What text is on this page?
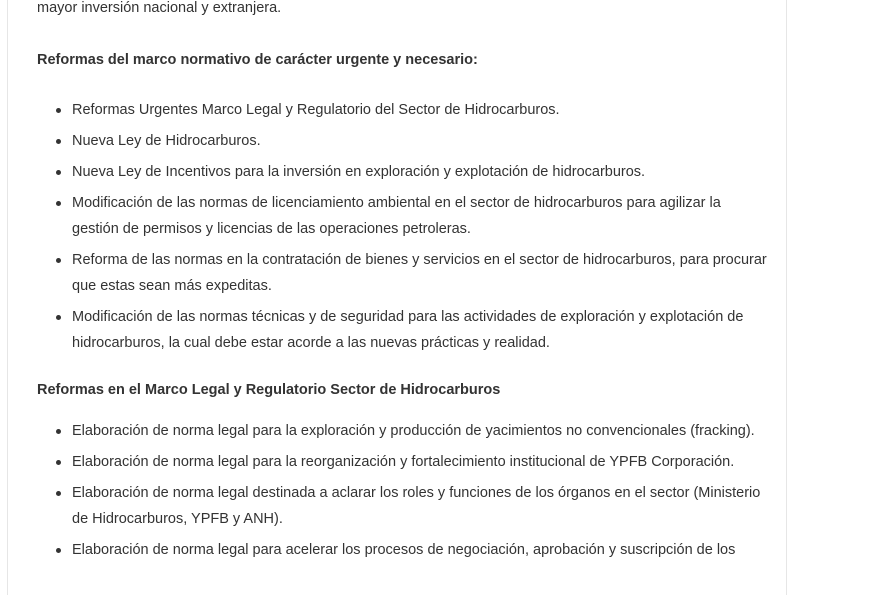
mayor inversión nacional y extranjera.

Reformas del marco normativo de carácter urgente y necesario:
Reformas Urgentes Marco Legal y Regulatorio del Sector de Hidrocarburos.
Nueva Ley de Hidrocarburos.
Nueva Ley de Incentivos para la inversión en exploración y explotación de hidrocarburos.
Modificación de las normas de licenciamiento ambiental en el sector de hidrocarburos para agilizar la gestión de permisos y licencias de las operaciones petroleras.
Reforma de las normas en la contratación de bienes y servicios en el sector de hidrocarburos, para procurar que estas sean más expeditas.
Modificación de las normas técnicas y de seguridad para las actividades de exploración y explotación de hidrocarburos, la cual debe estar acorde a las nuevas prácticas y realidad.
Reformas en el Marco Legal y Regulatorio Sector de Hidrocarburos
Elaboración de norma legal para la exploración y producción de yacimientos no convencionales (fracking).
Elaboración de norma legal para la reorganización y fortalecimiento institucional de YPFB Corporación.
Elaboración de norma legal destinada a aclarar los roles y funciones de los órganos en el sector (Ministerio de Hidrocarburos, YPFB y ANH).
Elaboración de norma legal para acelerar los procesos de negociación, aprobación y suscripción de los
